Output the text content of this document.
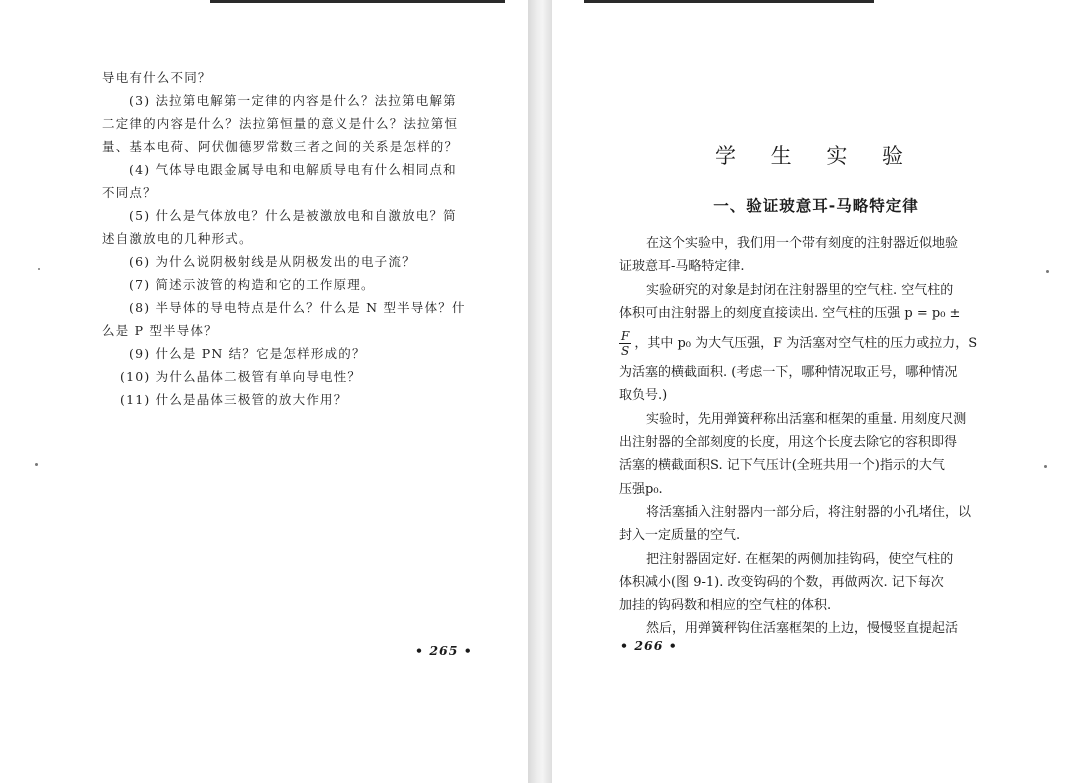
导电有什么不同？
(3) 法拉第电解第一定律的内容是什么？法拉第电解第
二定律的内容是什么？法拉第恒量的意义是什么？法拉第恒
量、基本电荷、阿伏伽德罗常数三者之间的关系是怎样的？
(4) 气体导电跟金属导电和电解质导电有什么相同点和
不同点？
(5) 什么是气体放电？什么是被激放电和自激放电？简
述自激放电的几种形式。
(6) 为什么说阴极射线是从阴极发出的电子流？
(7) 简述示波管的构造和它的工作原理。
(8) 半导体的导电特点是什么？什么是 N 型半导体？什
么是 P 型半导体？
(9) 什么是 PN 结？它是怎样形成的？
(10) 为什么晶体二极管有单向导电性？
(11) 什么是晶体三极管的放大作用？
• 265 •
学 生 实 验
一、验证玻意耳-马略特定律
在这个实验中，我们用一个带有刻度的注射器近似地验
证玻意耳-马略特定律.
实验研究的对象是封闭在注射器里的空气柱. 空气柱的
体积可由注射器上的刻度直接读出. 空气柱的压强 p = p₀ ±
$\frac{F}{S}$ ，其中 p₀ 为大气压强，F 为活塞对空气柱的压力或拉力，S
为活塞的横截面积. (考虑一下，哪种情况取正号，哪种情况
取负号.)
实验时，先用弹簧秤称出活塞和框架的重量. 用刻度尺测
出注射器的全部刻度的长度，用这个长度去除它的容积即得
活塞的横截面积S. 记下气压计(全班共用一个)指示的大气
压强p₀.
将活塞插入注射器内一部分后，将注射器的小孔堵住，以
封入一定质量的空气.
把注射器固定好. 在框架的两侧加挂钩码，使空气柱的
体积减小(图 9-1). 改变钩码的个数，再做两次. 记下每次
加挂的钩码数和相应的空气柱的体积.
然后，用弹簧秤钩住活塞框架的上边，慢慢竖直提起活
• 266 •
